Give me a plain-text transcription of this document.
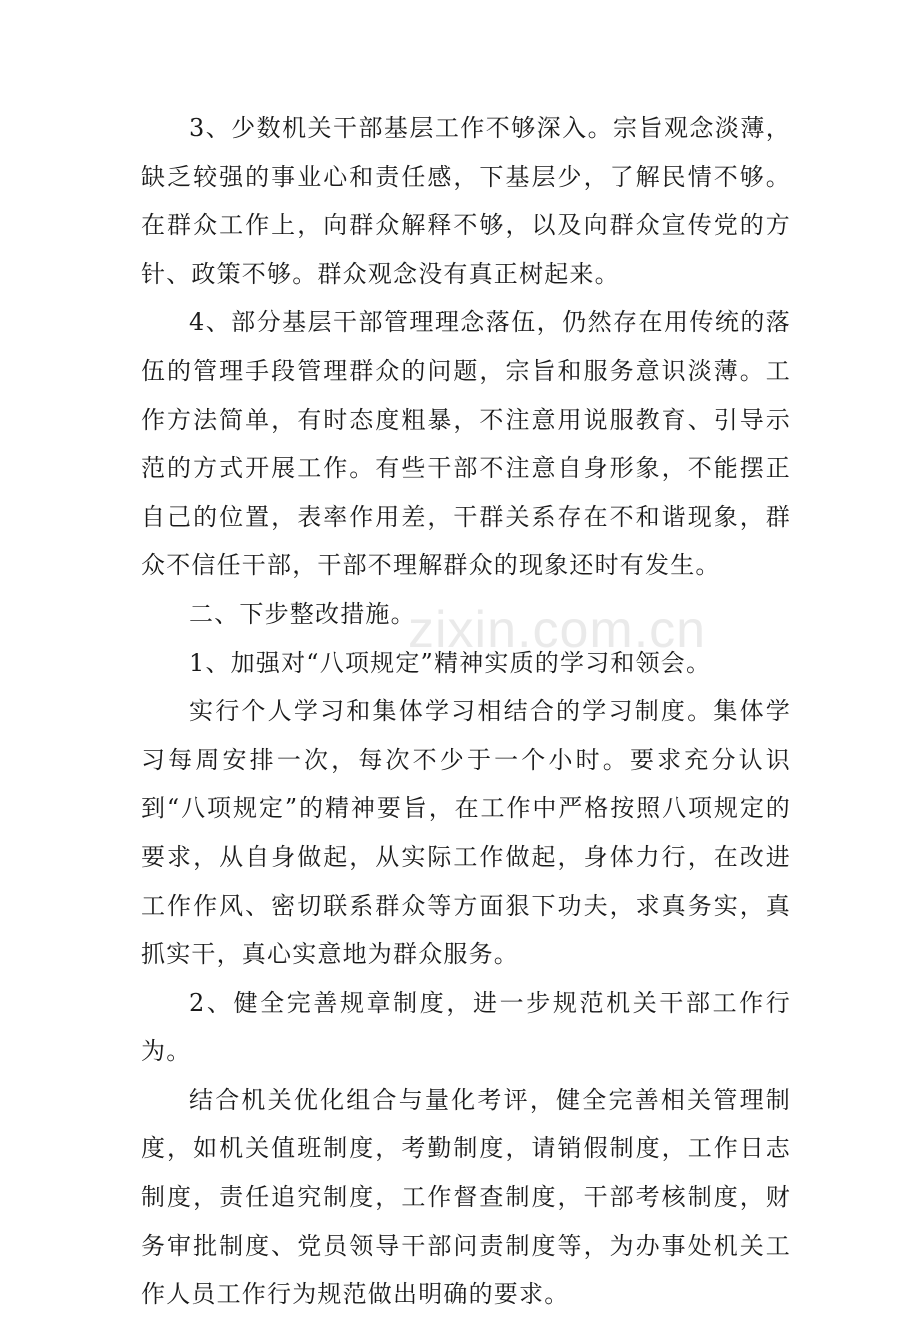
3、少数机关干部基层工作不够深入。宗旨观念淡薄，缺乏较强的事业心和责任感，下基层少，了解民情不够。在群众工作上，向群众解释不够，以及向群众宣传党的方针、政策不够。群众观念没有真正树起来。

4、部分基层干部管理理念落伍，仍然存在用传统的落伍的管理手段管理群众的问题，宗旨和服务意识淡薄。工作方法简单，有时态度粗暴，不注意用说服教育、引导示范的方式开展工作。有些干部不注意自身形象，不能摆正自己的位置，表率作用差，干群关系存在不和谐现象，群众不信任干部，干部不理解群众的现象还时有发生。

二、下步整改措施。

1、加强对“八项规定”精神实质的学习和领会。

实行个人学习和集体学习相结合的学习制度。集体学习每周安排一次，每次不少于一个小时。要求充分认识到“八项规定”的精神要旨，在工作中严格按照八项规定的要求，从自身做起，从实际工作做起，身体力行，在改进工作作风、密切联系群众等方面狠下功夫，求真务实，真抓实干，真心实意地为群众服务。

2、健全完善规章制度，进一步规范机关干部工作行为。

结合机关优化组合与量化考评，健全完善相关管理制度，如机关值班制度，考勤制度，请销假制度，工作日志制度，责任追究制度，工作督查制度，干部考核制度，财务审批制度、党员领导干部问责制度等，为办事处机关工作人员工作行为规范做出明确的要求。

zixin.com.cn
